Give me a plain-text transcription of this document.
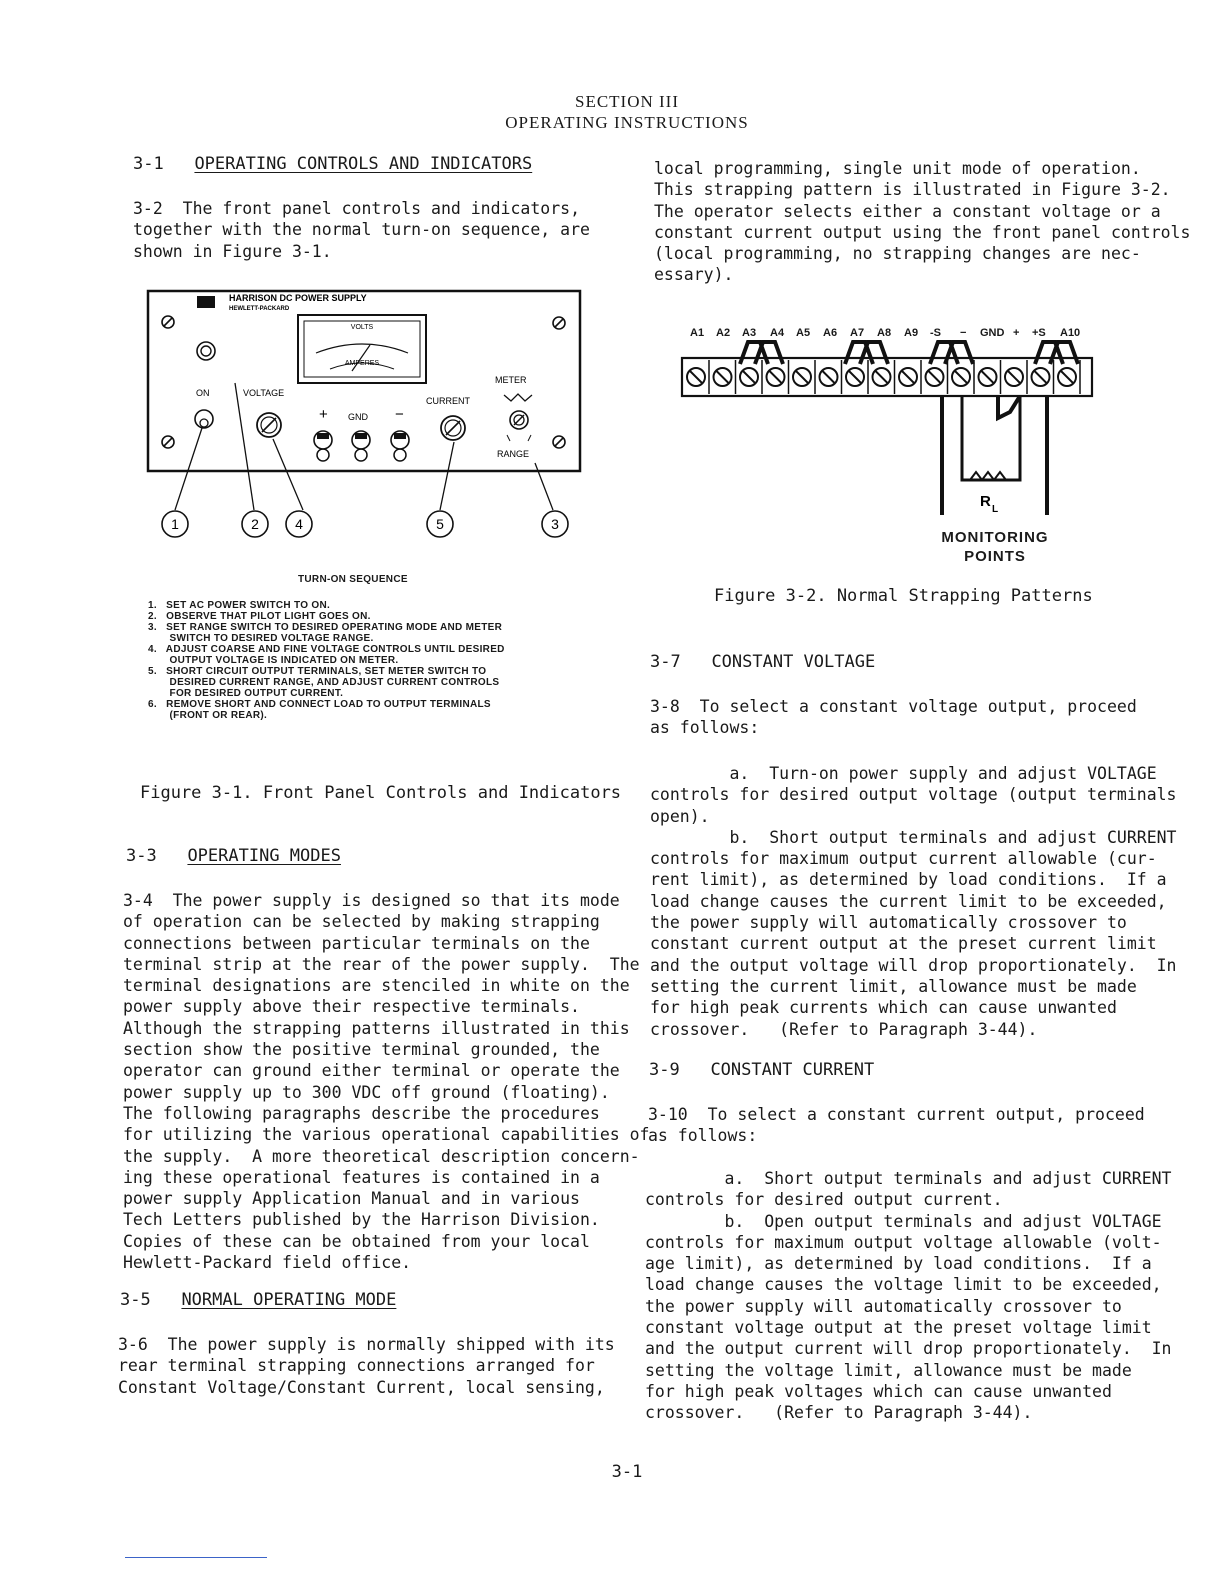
SECTION III
OPERATING INSTRUCTIONS
3-1 OPERATING CONTROLS AND INDICATORS
3-2  The front panel controls and indicators,
together with the normal turn-on sequence, are
shown in Figure 3-1.
HARRISON DC POWER SUPPLY
HEWLETT-PACKARD
VOLTS
AMPERES
ON	VOLTAGE
+ GND −
CURRENT
METER
RANGE
1	2	4	5	3
TURN-ON SEQUENCE
1.   SET AC POWER SWITCH TO ON.
2.   OBSERVE THAT PILOT LIGHT GOES ON.
3.   SET RANGE SWITCH TO DESIRED OPERATING MODE AND METER
SWITCH TO DESIRED VOLTAGE RANGE.
4.   ADJUST COARSE AND FINE VOLTAGE CONTROLS UNTIL DESIRED
OUTPUT VOLTAGE IS INDICATED ON METER.
5.   SHORT CIRCUIT OUTPUT TERMINALS, SET METER SWITCH TO
DESIRED CURRENT RANGE, AND ADJUST CURRENT CONTROLS
FOR DESIRED OUTPUT CURRENT.
6.   REMOVE SHORT AND CONNECT LOAD TO OUTPUT TERMINALS
(FRONT OR REAR).
Figure 3-1. Front Panel Controls and Indicators
3-3 OPERATING MODES
3-4  The power supply is designed so that its mode
of operation can be selected by making strapping
connections between particular terminals on the
terminal strip at the rear of the power supply.  The
terminal designations are stenciled in white on the
power supply above their respective terminals.
Although the strapping patterns illustrated in this
section show the positive terminal grounded, the
operator can ground either terminal or operate the
power supply up to 300 VDC off ground (floating).
The following paragraphs describe the procedures
for utilizing the various operational capabilities of
the supply.  A more theoretical description concern-
ing these operational features is contained in a
power supply Application Manual and in various
Tech Letters published by the Harrison Division.
Copies of these can be obtained from your local
Hewlett-Packard field office.
3-5 NORMAL OPERATING MODE
3-6  The power supply is normally shipped with its
rear terminal strapping connections arranged for
Constant Voltage/Constant Current, local sensing,
local programming, single unit mode of operation.
This strapping pattern is illustrated in Figure 3-2.
The operator selects either a constant voltage or a
constant current output using the front panel controls
(local programming, no strapping changes are nec-
essary).
A1 A2 A3 A4 A5 A6 A7 A8 A9 -S − GND + +S A10
R L
MONITORING
POINTS
Figure 3-2. Normal Strapping Patterns
3-7 CONSTANT VOLTAGE
3-8  To select a constant voltage output, proceed
as follows:
a.  Turn-on power supply and adjust VOLTAGE
controls for desired output voltage (output terminals
open).
b.  Short output terminals and adjust CURRENT
controls for maximum output current allowable (cur-
rent limit), as determined by load conditions.  If a
load change causes the current limit to be exceeded,
the power supply will automatically crossover to
constant current output at the preset current limit
and the output voltage will drop proportionately.  In
setting the current limit, allowance must be made
for high peak currents which can cause unwanted
crossover.   (Refer to Paragraph 3-44).
3-9 CONSTANT CURRENT
3-10  To select a constant current output, proceed
as follows:
a.  Short output terminals and adjust CURRENT
controls for desired output current.
b.  Open output terminals and adjust VOLTAGE
controls for maximum output voltage allowable (volt-
age limit), as determined by load conditions.  If a
load change causes the voltage limit to be exceeded,
the power supply will automatically crossover to
constant voltage output at the preset voltage limit
and the output current will drop proportionately.  In
setting the voltage limit, allowance must be made
for high peak voltages which can cause unwanted
crossover.   (Refer to Paragraph 3-44).
3-1
